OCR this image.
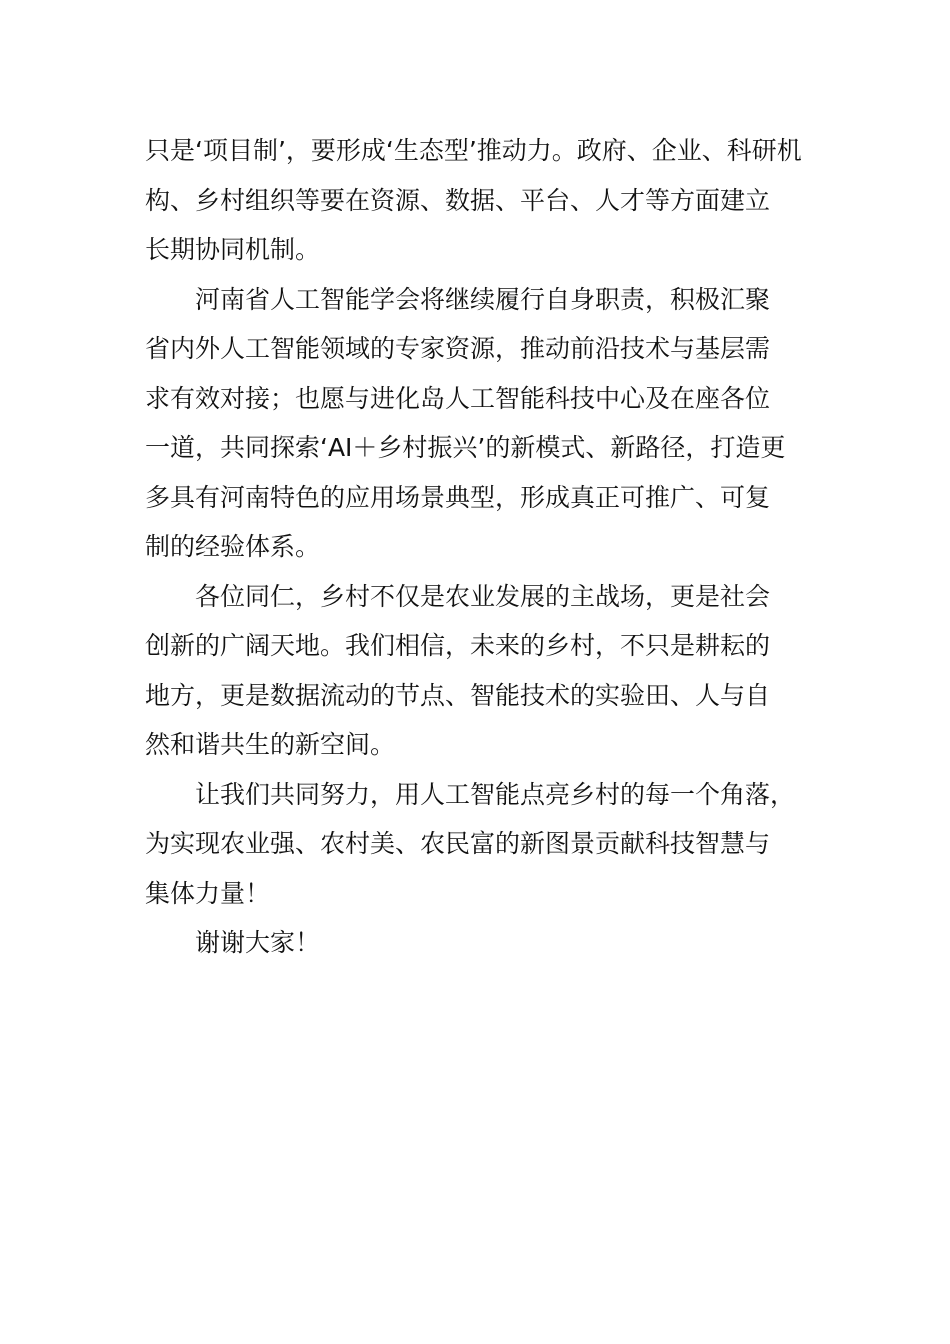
只是‘项目制’，要形成‘生态型’推动力。政府、企业、科研机
构、乡村组织等要在资源、数据、平台、人才等方面建立
长期协同机制。
河南省人工智能学会将继续履行自身职责，积极汇聚
省内外人工智能领域的专家资源，推动前沿技术与基层需
求有效对接；也愿与进化岛人工智能科技中心及在座各位
一道，共同探索‘AI＋乡村振兴’的新模式、新路径，打造更
多具有河南特色的应用场景典型，形成真正可推广、可复
制的经验体系。
各位同仁，乡村不仅是农业发展的主战场，更是社会
创新的广阔天地。我们相信，未来的乡村，不只是耕耘的
地方，更是数据流动的节点、智能技术的实验田、人与自
然和谐共生的新空间。
让我们共同努力，用人工智能点亮乡村的每一个角落，
为实现农业强、农村美、农民富的新图景贡献科技智慧与
集体力量！
谢谢大家！
